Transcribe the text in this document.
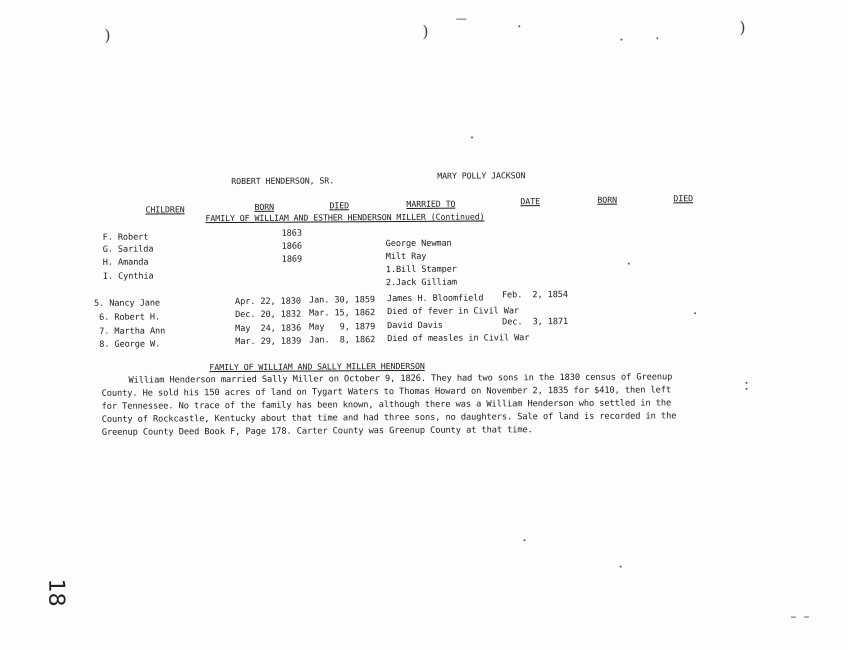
)	)	)
ROBERT HENDERSON, SR.	MARY POLLY JACKSON
CHILDREN	BORN	DIED	MARRIED TO	DATE	BORN	DIED
FAMILY OF WILLIAM AND ESTHER HENDERSON MILLER (Continued)
F. Robert	1863
G. Sarilda	1866	George Newman
H. Amanda	1869	Milt Ray
I. Cynthia
1.Bill Stamper
2.Jack Gilliam
5. Nancy Jane	Apr. 22, 1830 Jan. 30, 1859 James H. Bloomfield Feb.  2, 1854
6. Robert H.	Dec. 20, 1832 Mar. 15, 1862 Died of fever in Civil War
7. Martha Ann	May  24, 1836 May   9, 1879 David Davis	Dec.  3, 1871
8. George W.	Mar. 29, 1839 Jan.  8, 1862 Died of measles in Civil War
FAMILY OF WILLIAM AND SALLY MILLER HENDERSON
William Henderson married Sally Miller on October 9, 1826. They had two sons in the 1830 census of Greenup
County. He sold his 150 acres of land on Tygart Waters to Thomas Howard on November 2, 1835 for $410, then left
for Tennessee. No trace of the family has been known, although there was a William Henderson who settled in the
County of Rockcastle, Kentucky about that time and had three sons, no daughters. Sale of land is recorded in the
Greenup County Deed Book F, Page 178. Carter County was Greenup County at that time.
18
